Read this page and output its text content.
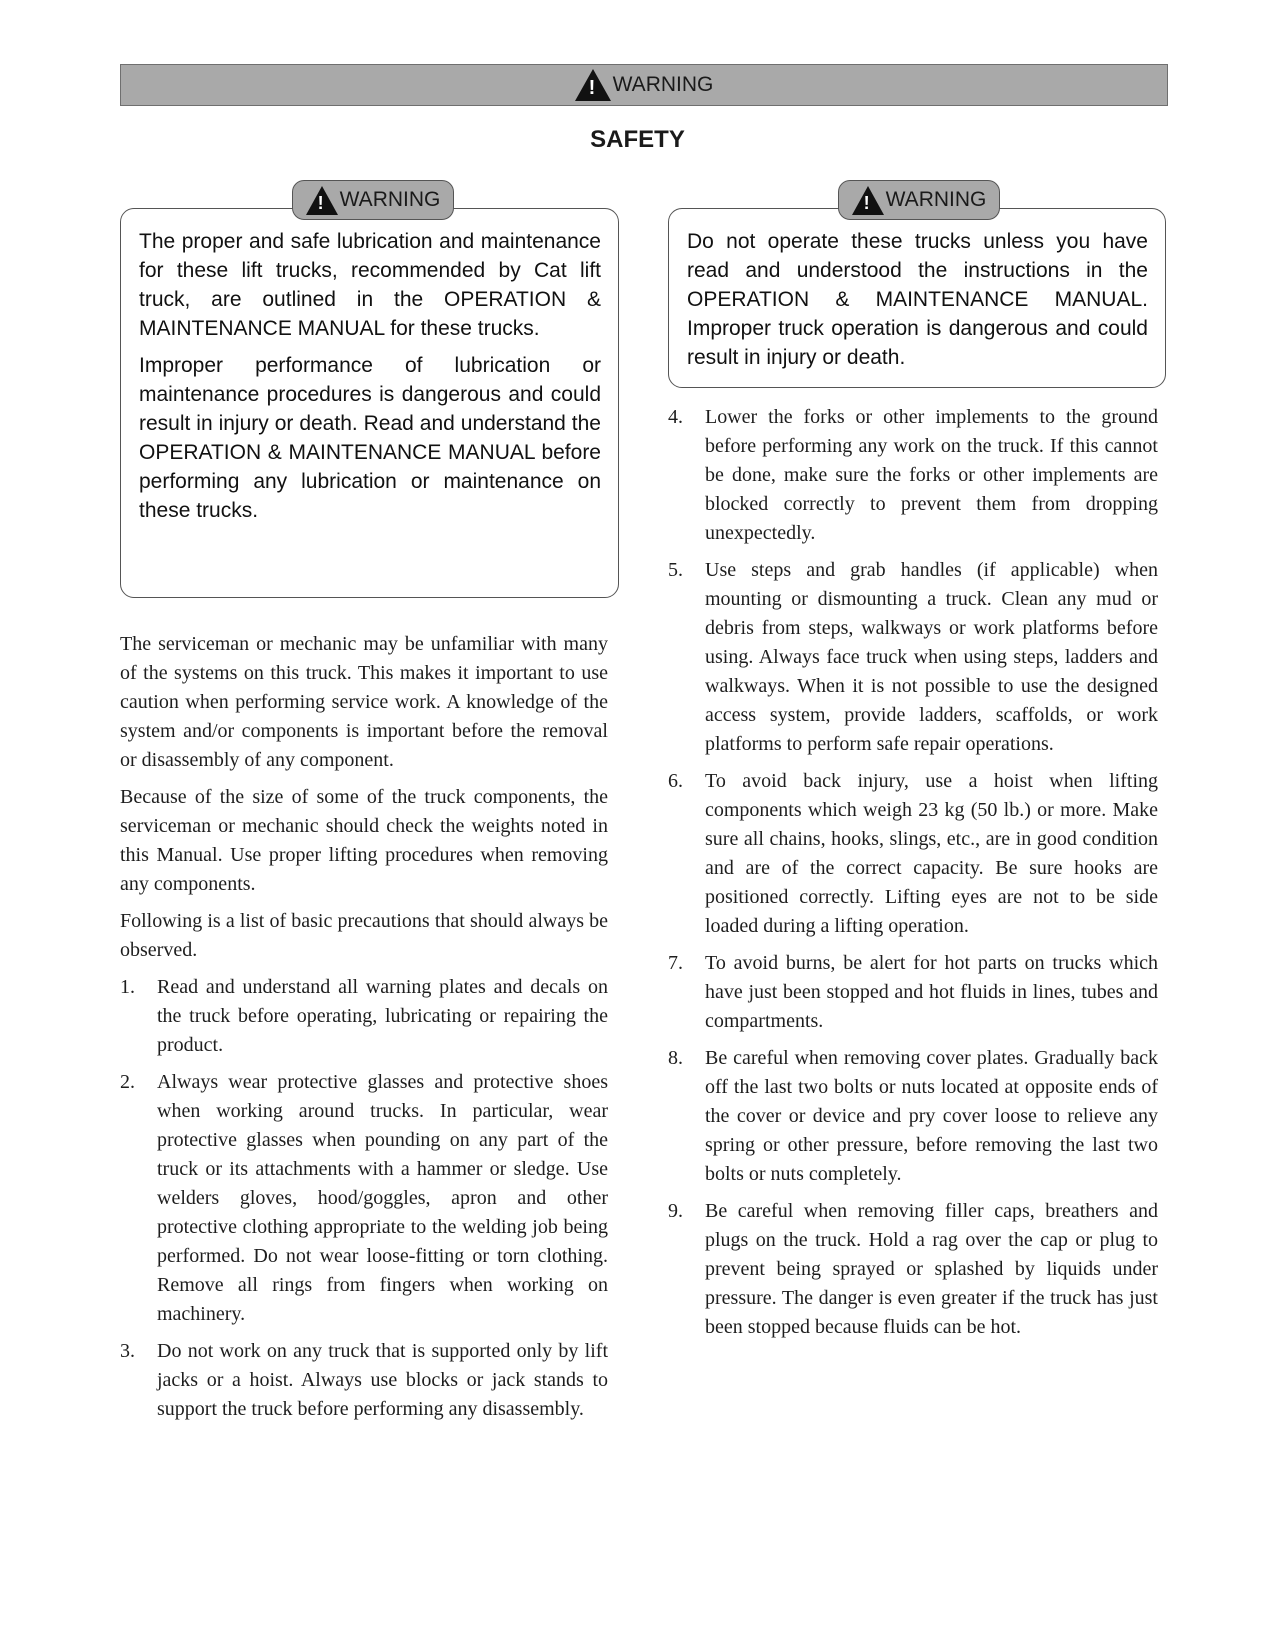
!
WARNING
SAFETY

The proper and safe lubrication and maintenance for these lift trucks, recommended by Cat lift truck, are outlined in the OPERATION & MAINTENANCE MANUAL for these trucks.

Improper performance of lubrication or maintenance procedures is dangerous and could result in injury or death. Read and understand the OPERATION & MAINTENANCE MANUAL before performing any lubrication or maintenance on these trucks.

!
WARNING

Do not operate these trucks unless you have read and understood the instructions in the OPERATION & MAINTENANCE MANUAL. Improper truck operation is dangerous and could result in injury or death.

!
WARNING

The serviceman or mechanic may be unfamiliar with many of the systems on this truck. This makes it important to use caution when performing service work. A knowledge of the system and/or components is important before the removal or disassembly of any component.

Because of the size of some of the truck components, the serviceman or mechanic should check the weights noted in this Manual. Use proper lifting procedures when removing any components.

Following is a list of basic precautions that should always be observed.

1. Read and understand all warning plates and decals on the truck before operating, lubricating or repairing the product.
2. Always wear protective glasses and protective shoes when working around trucks. In particular, wear protective glasses when pounding on any part of the truck or its attachments with a hammer or sledge. Use welders gloves, hood/goggles, apron and other protective clothing appropriate to the welding job being performed. Do not wear loose-fitting or torn clothing. Remove all rings from fingers when working on machinery.
3. Do not work on any truck that is supported only by lift jacks or a hoist. Always use blocks or jack stands to support the truck before performing any disassembly.
4. Lower the forks or other implements to the ground before performing any work on the truck. If this cannot be done, make sure the forks or other implements are blocked correctly to prevent them from dropping unexpectedly.
5. Use steps and grab handles (if applicable) when mounting or dismounting a truck. Clean any mud or debris from steps, walkways or work platforms before using. Always face truck when using steps, ladders and walkways. When it is not possible to use the designed access system, provide ladders, scaffolds, or work platforms to perform safe repair operations.
6. To avoid back injury, use a hoist when lifting components which weigh 23 kg (50 lb.) or more. Make sure all chains, hooks, slings, etc., are in good condition and are of the correct capacity. Be sure hooks are positioned correctly. Lifting eyes are not to be side loaded during a lifting operation.
7. To avoid burns, be alert for hot parts on trucks which have just been stopped and hot fluids in lines, tubes and compartments.
8. Be careful when removing cover plates. Gradually back off the last two bolts or nuts located at opposite ends of the cover or device and pry cover loose to relieve any spring or other pressure, before removing the last two bolts or nuts completely.
9. Be careful when removing filler caps, breathers and plugs on the truck. Hold a rag over the cap or plug to prevent being sprayed or splashed by liquids under pressure. The danger is even greater if the truck has just been stopped because fluids can be hot.
